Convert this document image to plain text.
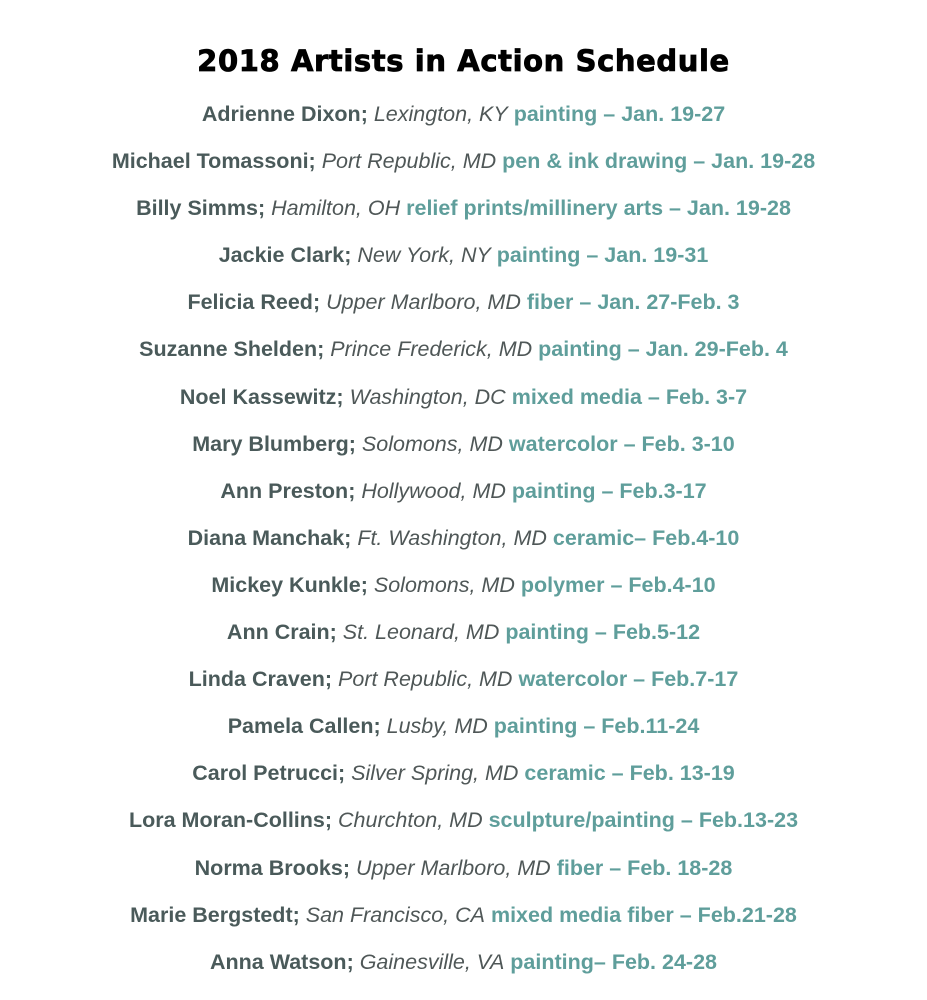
2018 Artists in Action Schedule
Adrienne Dixon; Lexington, KY painting – Jan. 19-27
Michael Tomassoni; Port Republic, MD pen & ink drawing – Jan. 19-28
Billy Simms; Hamilton, OH relief prints/millinery arts – Jan. 19-28
Jackie Clark; New York, NY painting – Jan. 19-31
Felicia Reed; Upper Marlboro, MD fiber – Jan. 27-Feb. 3
Suzanne Shelden; Prince Frederick, MD painting – Jan. 29-Feb. 4
Noel Kassewitz; Washington, DC mixed media – Feb. 3-7
Mary Blumberg; Solomons, MD watercolor – Feb. 3-10
Ann Preston; Hollywood, MD painting – Feb.3-17
Diana Manchak; Ft. Washington, MD ceramic– Feb.4-10
Mickey Kunkle; Solomons, MD polymer – Feb.4-10
Ann Crain; St. Leonard, MD painting – Feb.5-12
Linda Craven; Port Republic, MD watercolor – Feb.7-17
Pamela Callen; Lusby, MD painting – Feb.11-24
Carol Petrucci; Silver Spring, MD ceramic – Feb. 13-19
Lora Moran-Collins; Churchton, MD sculpture/painting – Feb.13-23
Norma Brooks; Upper Marlboro, MD fiber – Feb. 18-28
Marie Bergstedt; San Francisco, CA mixed media fiber – Feb.21-28
Anna Watson; Gainesville, VA painting– Feb. 24-28
